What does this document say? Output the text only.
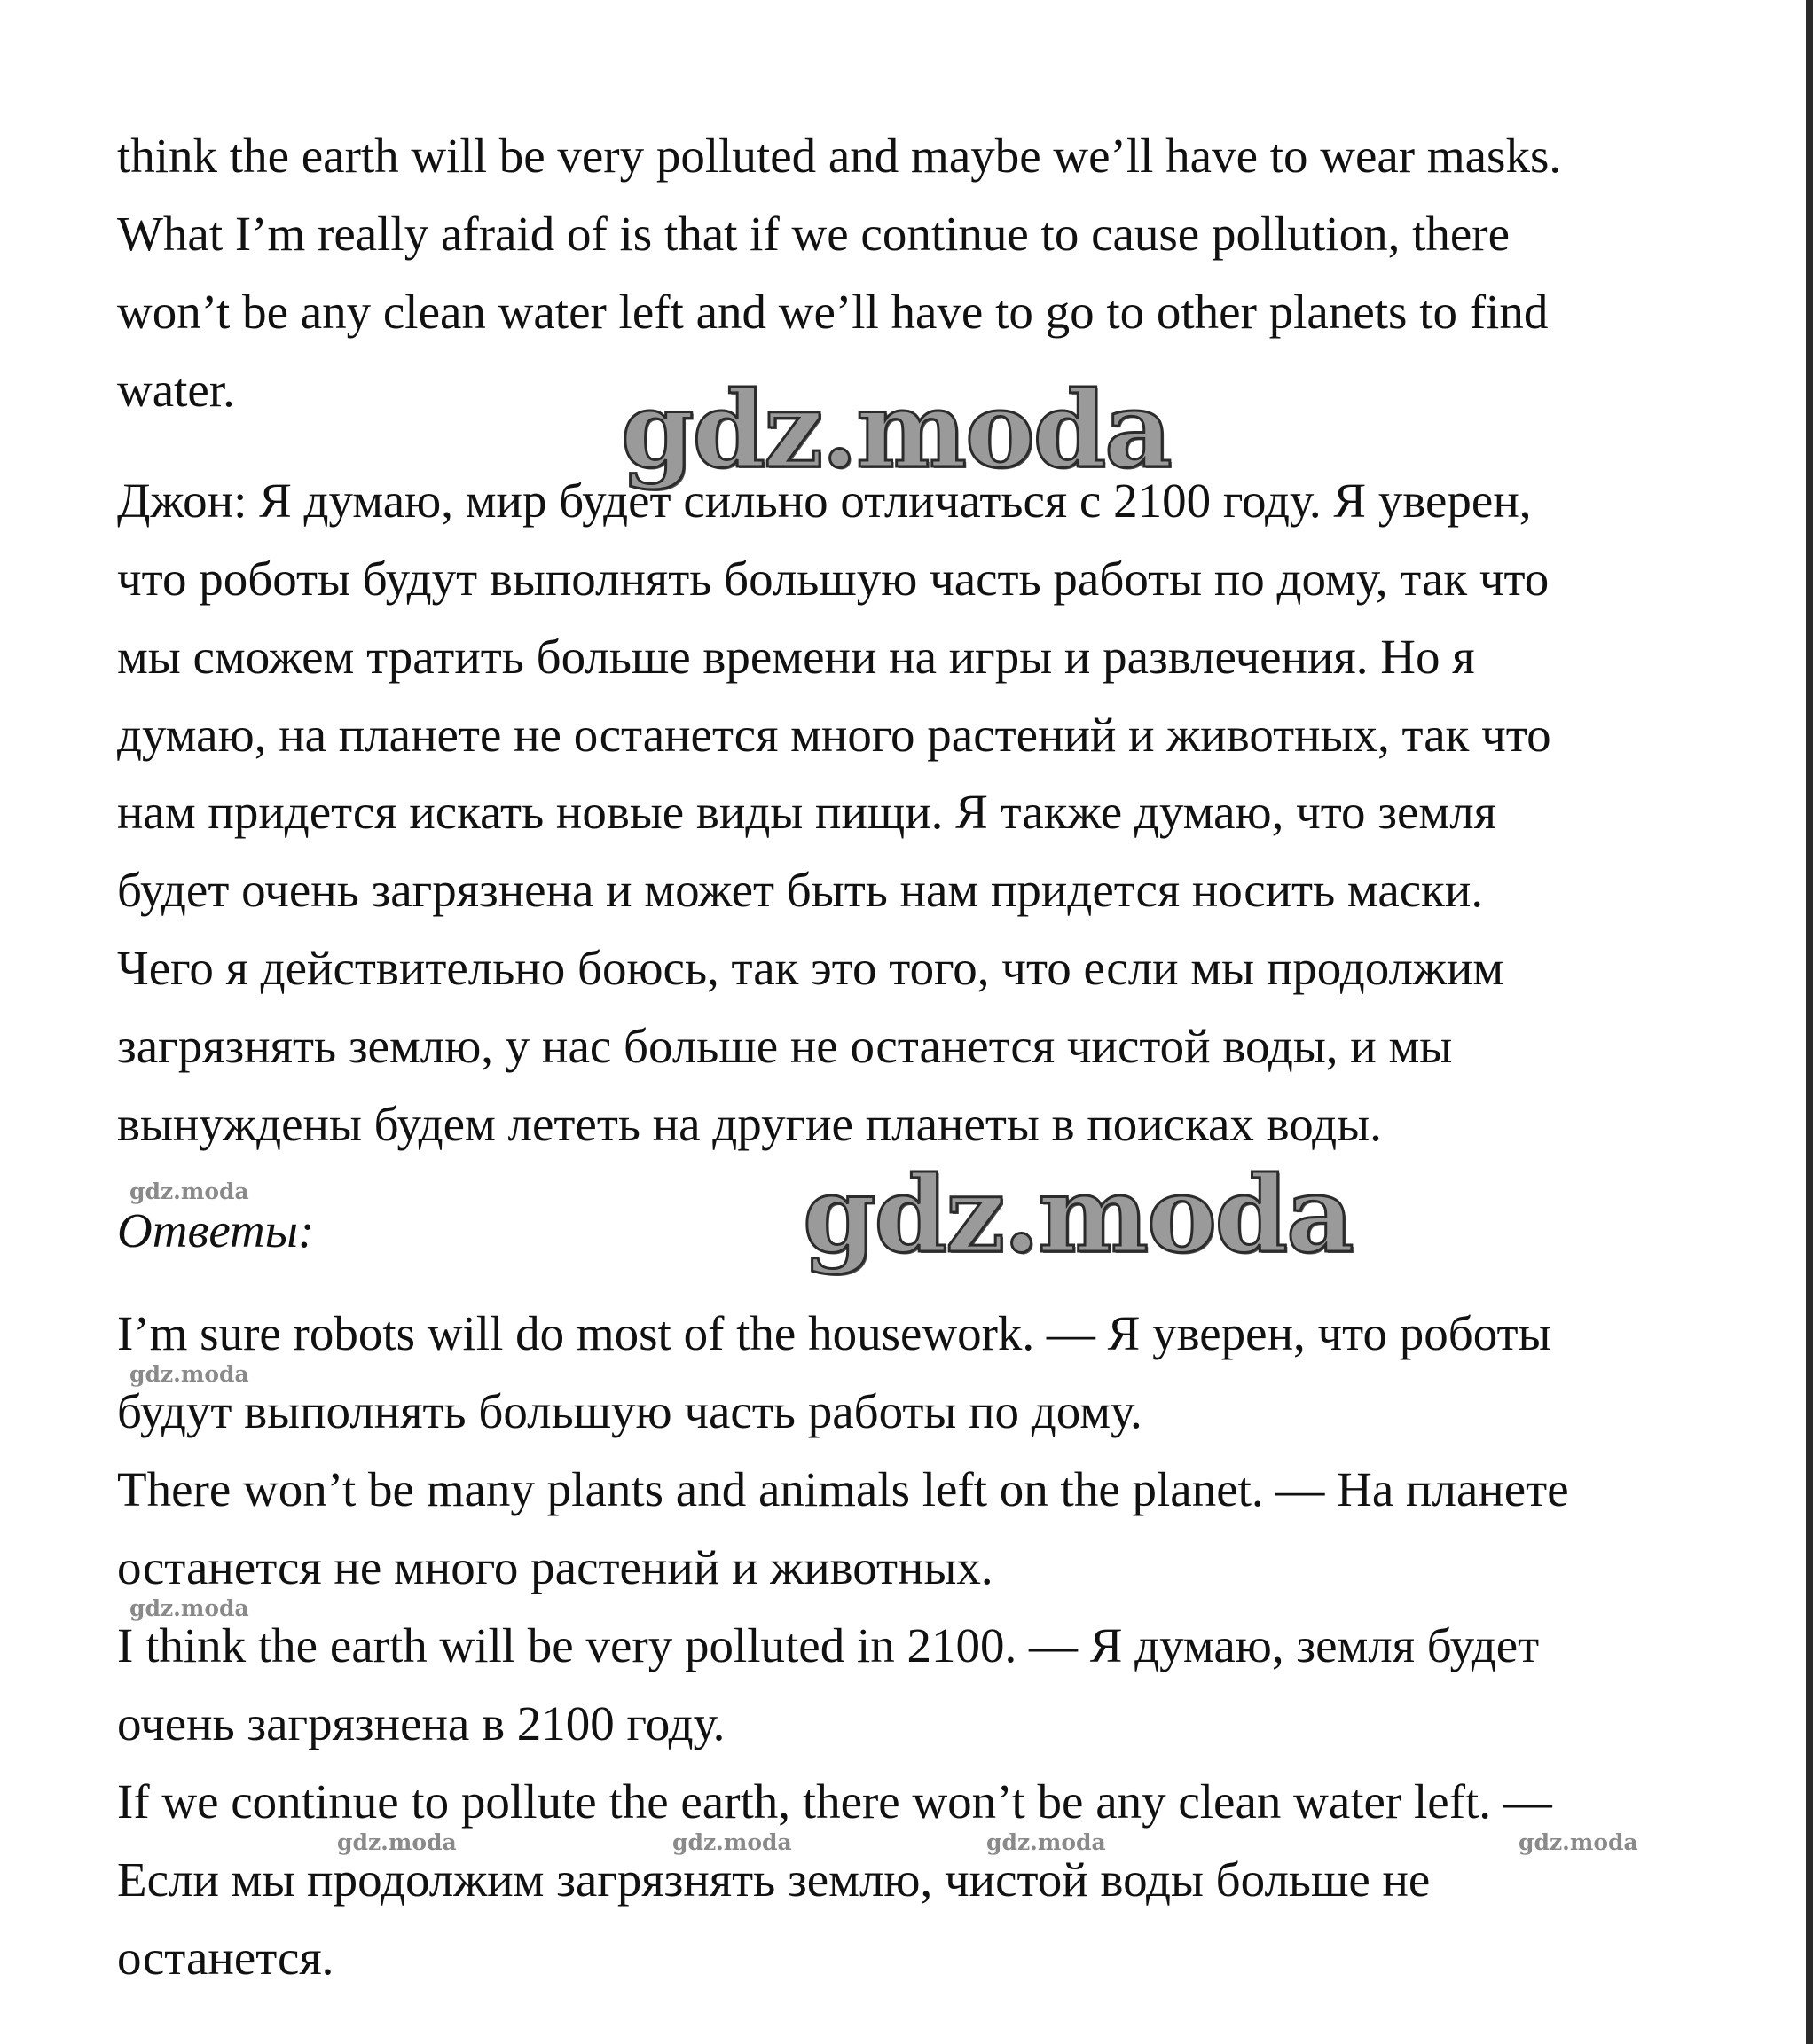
think the earth will be very polluted and maybe we’ll have to wear masks.
What I’m really afraid of is that if we continue to cause pollution, there
won’t be any clean water left and we’ll have to go to other planets to find
water.	gdz.moda
Джон: Я думаю, мир будет сильно отличаться с 2100 году. Я уверен,
что роботы будут выполнять большую часть работы по дому, так что
мы сможем тратить больше времени на игры и развлечения. Но я
думаю, на планете не останется много растений и животных, так что
нам придется искать новые виды пищи. Я также думаю, что земля
будет очень загрязнена и может быть нам придется носить маски.
Чего я действительно боюсь, так это того, что если мы продолжим
загрязнять землю, у нас больше не останется чистой воды, и мы
вынуждены будем лететь на другие планеты в поисках воды.
gdz.moda
Ответы:	gdz.moda
I’m sure robots will do most of the housework. — Я уверен, что роботы
gdz.moda
будут выполнять большую часть работы по дому.
There won’t be many plants and animals left on the planet. — На планете
останется не много растений и животных.
gdz.moda
I think the earth will be very polluted in 2100. — Я думаю, земля будет
очень загрязнена в 2100 году.
If we continue to pollute the earth, there won’t be any clean water left. —
gdz.moda	gdz.moda	gdz.moda	gdz.moda
Если мы продолжим загрязнять землю, чистой воды больше не
останется.
